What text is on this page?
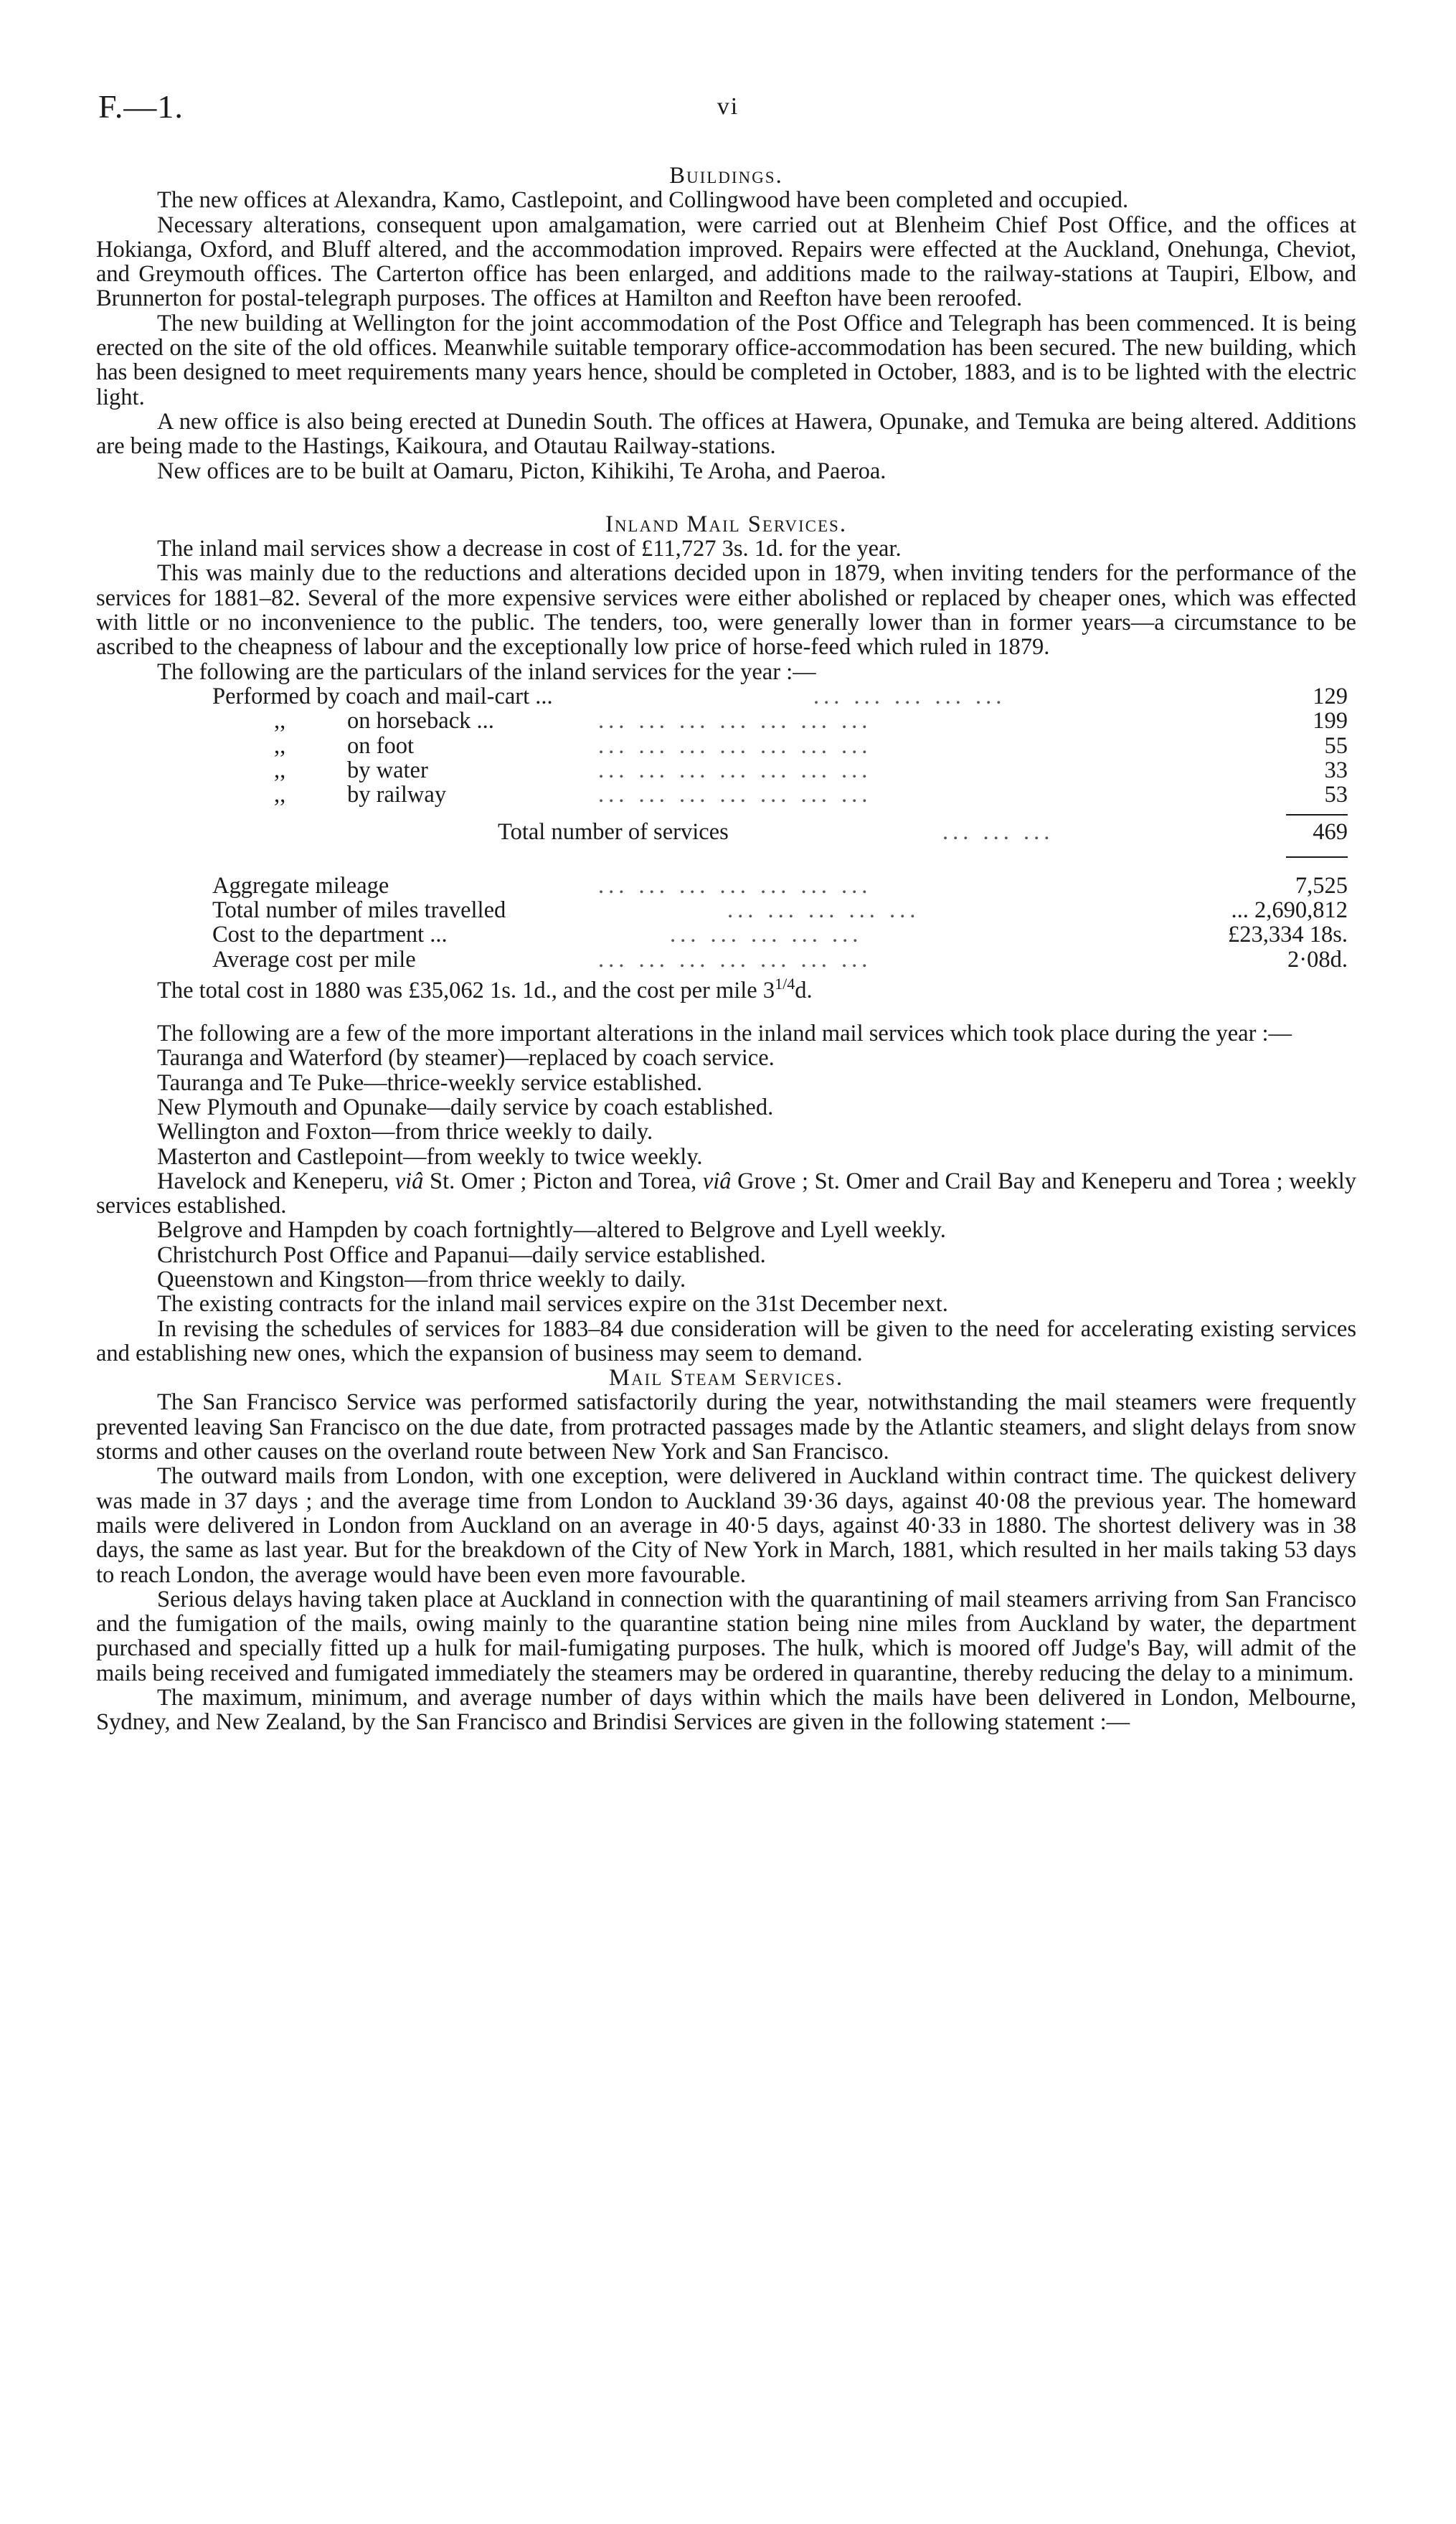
F.—1.	vi

Buildings.

The new offices at Alexandra, Kamo, Castlepoint, and Collingwood have been completed and occupied.

Necessary alterations, consequent upon amalgamation, were carried out at Blenheim Chief Post Office, and the offices at Hokianga, Oxford, and Bluff altered, and the accommodation improved. Repairs were effected at the Auckland, Onehunga, Cheviot, and Greymouth offices. The Carterton office has been enlarged, and additions made to the railway-stations at Taupiri, Elbow, and Brunnerton for postal-telegraph purposes. The offices at Hamilton and Reefton have been reroofed.

The new building at Wellington for the joint accommodation of the Post Office and Telegraph has been commenced. It is being erected on the site of the old offices. Meanwhile suitable temporary office-accommodation has been secured. The new building, which has been designed to meet requirements many years hence, should be completed in October, 1883, and is to be lighted with the electric light.

A new office is also being erected at Dunedin South. The offices at Hawera, Opunake, and Temuka are being altered. Additions are being made to the Hastings, Kaikoura, and Otautau Railway-stations.

New offices are to be built at Oamaru, Picton, Kihikihi, Te Aroha, and Paeroa.

Inland Mail Services.

The inland mail services show a decrease in cost of £11,727 3s. 1d. for the year.

This was mainly due to the reductions and alterations decided upon in 1879, when inviting tenders for the performance of the services for 1881–82. Several of the more expensive services were either abolished or replaced by cheaper ones, which was effected with little or no inconvenience to the public. The tenders, too, were generally lower than in former years—a circumstance to be ascribed to the cheapness of labour and the exceptionally low price of horse-feed which ruled in 1879.

The following are the particulars of the inland services for the year :—

Performed by coach and mail-cart ...	... ... ... ... ...	129
,,	on horseback ...	... ... ... ... ... ... ...	199
,,	on foot	... ... ... ... ... ... ...	55
,,	by water	... ... ... ... ... ... ...	33
,,	by railway	... ... ... ... ... ... ...	53
Total number of services	... ... ...	469
Aggregate mileage	... ... ... ... ... ... ...	7,525
Total number of miles travelled	... ... ... ... ...	... 2,690,812
Cost to the department ...	... ... ... ... ...	£23,334 18s.
Average cost per mile	... ... ... ... ... ... ...	2·08d.

The total cost in 1880 was £35,062 1s. 1d., and the cost per mile $3^{1/4}d$.

The following are a few of the more important alterations in the inland mail services which took place during the year :—

Tauranga and Waterford (by steamer)—replaced by coach service.

Tauranga and Te Puke—thrice-weekly service established.

New Plymouth and Opunake—daily service by coach established.

Wellington and Foxton—from thrice weekly to daily.

Masterton and Castlepoint—from weekly to twice weekly.

Havelock and Keneperu, viâ St. Omer ; Picton and Torea, viâ Grove ; St. Omer and Crail Bay and Keneperu and Torea ; weekly services established.

Belgrove and Hampden by coach fortnightly—altered to Belgrove and Lyell weekly.

Christchurch Post Office and Papanui—daily service established.

Queenstown and Kingston—from thrice weekly to daily.

The existing contracts for the inland mail services expire on the 31st December next.

In revising the schedules of services for 1883–84 due consideration will be given to the need for accelerating existing services and establishing new ones, which the expansion of business may seem to demand.

Mail Steam Services.

The San Francisco Service was performed satisfactorily during the year, notwithstanding the mail steamers were frequently prevented leaving San Francisco on the due date, from protracted passages made by the Atlantic steamers, and slight delays from snow storms and other causes on the overland route between New York and San Francisco.

The outward mails from London, with one exception, were delivered in Auckland within contract time. The quickest delivery was made in 37 days ; and the average time from London to Auckland 39·36 days, against 40·08 the previous year. The homeward mails were delivered in London from Auckland on an average in 40·5 days, against 40·33 in 1880. The shortest delivery was in 38 days, the same as last year. But for the breakdown of the City of New York in March, 1881, which resulted in her mails taking 53 days to reach London, the average would have been even more favourable.

Serious delays having taken place at Auckland in connection with the quarantining of mail steamers arriving from San Francisco and the fumigation of the mails, owing mainly to the quarantine station being nine miles from Auckland by water, the department purchased and specially fitted up a hulk for mail-fumigating purposes. The hulk, which is moored off Judge's Bay, will admit of the mails being received and fumigated immediately the steamers may be ordered in quarantine, thereby reducing the delay to a minimum.

The maximum, minimum, and average number of days within which the mails have been delivered in London, Melbourne, Sydney, and New Zealand, by the San Francisco and Brindisi Services are given in the following statement :—
